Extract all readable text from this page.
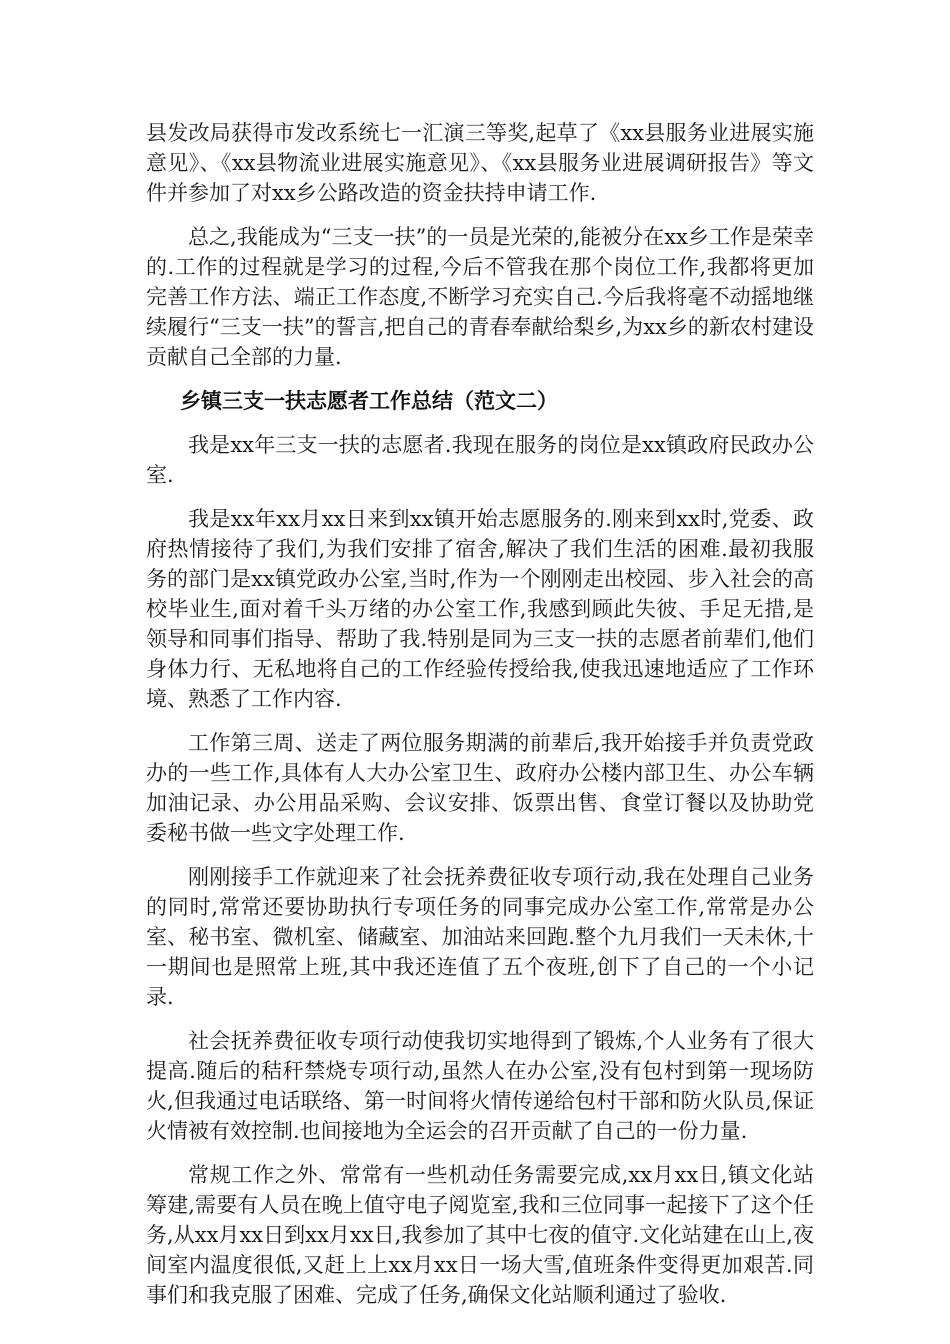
县发改局获得市发改系统七一汇演三等奖,起草了《xx县服务业进展实施意见》、《xx县物流业进展实施意见》、《xx县服务业进展调研报告》等文件并参加了对xx乡公路改造的资金扶持申请工作.

总之,我能成为“三支一扶”的一员是光荣的,能被分在xx乡工作是荣幸的.工作的过程就是学习的过程,今后不管我在那个岗位工作,我都将更加完善工作方法、端正工作态度,不断学习充实自己.今后我将毫不动摇地继续履行“三支一扶”的誓言,把自己的青春奉献给梨乡,为xx乡的新农村建设贡献自己全部的力量.

乡镇三支一扶志愿者工作总结（范文二）

我是xx年三支一扶的志愿者.我现在服务的岗位是xx镇政府民政办公室.

我是xx年xx月xx日来到xx镇开始志愿服务的.刚来到xx时,党委、政府热情接待了我们,为我们安排了宿舍,解决了我们生活的困难.最初我服务的部门是xx镇党政办公室,当时,作为一个刚刚走出校园、步入社会的高校毕业生,面对着千头万绪的办公室工作,我感到顾此失彼、手足无措,是领导和同事们指导、帮助了我.特别是同为三支一扶的志愿者前辈们,他们身体力行、无私地将自己的工作经验传授给我,使我迅速地适应了工作环境、熟悉了工作内容.

工作第三周、送走了两位服务期满的前辈后,我开始接手并负责党政办的一些工作,具体有人大办公室卫生、政府办公楼内部卫生、办公车辆加油记录、办公用品采购、会议安排、饭票出售、食堂订餐以及协助党委秘书做一些文字处理工作.

刚刚接手工作就迎来了社会抚养费征收专项行动,我在处理自己业务的同时,常常还要协助执行专项任务的同事完成办公室工作,常常是办公室、秘书室、微机室、储藏室、加油站来回跑.整个九月我们一天未休,十一期间也是照常上班,其中我还连值了五个夜班,创下了自己的一个小记录.

社会抚养费征收专项行动使我切实地得到了锻炼,个人业务有了很大提高.随后的秸秆禁烧专项行动,虽然人在办公室,没有包村到第一现场防火,但我通过电话联络、第一时间将火情传递给包村干部和防火队员,保证火情被有效控制.也间接地为全运会的召开贡献了自己的一份力量.

常规工作之外、常常有一些机动任务需要完成,xx月xx日,镇文化站筹建,需要有人员在晚上值守电子阅览室,我和三位同事一起接下了这个任务,从xx月xx日到xx月xx日,我参加了其中七夜的值守.文化站建在山上,夜间室内温度很低,又赶上上xx月xx日一场大雪,值班条件变得更加艰苦.同事们和我克服了困难、完成了任务,确保文化站顺利通过了验收.
